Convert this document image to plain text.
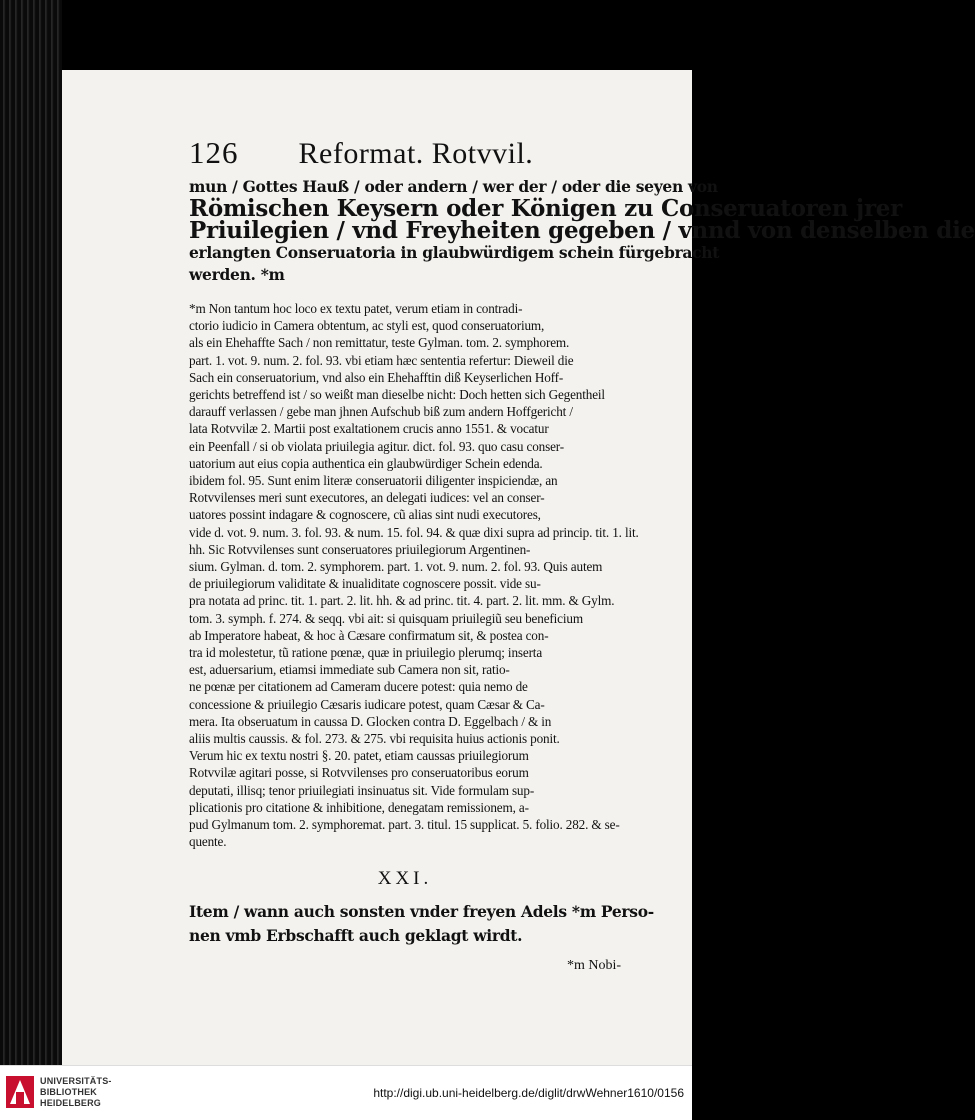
126 Reformat. Rotvvil.
mun / Gottes Hauß / oder andern / wer der / oder die seyen von
Römischen Keysern oder Königen zu Conseruatoren jrer
Priuilegien / vnd Freyheiten gegeben / vnnd von denselben die
erlangten Conseruatoria in glaubwürdigem schein fürgebracht
werden. *m
*m Non tantum hoc loco ex textu patet, verum etiam in contradi-
ctorio iudicio in Camera obtentum, ac styli est, quod conseruatorium,
als ein Ehehaffte Sach / non remittatur, teste Gylman. tom. 2. symphorem.
part. 1. vot. 9. num. 2. fol. 93. vbi etiam hæc sententia refertur: Dieweil die
Sach ein conseruatorium, vnd also ein Ehehafftin diß Keyserlichen Hoff-
gerichts betreffend ist / so weißt man dieselbe nicht: Doch hetten sich Gegentheil
darauff verlassen / gebe man jhnen Aufschub biß zum andern Hoffgericht /
lata Rotvvilæ 2. Martii post exaltationem crucis anno 1551. & vocatur
ein Peenfall / si ob violata priuilegia agitur. dict. fol. 93. quo casu conser-
uatorium aut eius copia authentica ein glaubwürdiger Schein edenda.
ibidem fol. 95. Sunt enim literæ conseruatorii diligenter inspiciendæ, an
Rotvvilenses meri sunt executores, an delegati iudices: vel an conser-
uatores possint indagare & cognoscere, cũ alias sint nudi executores,
vide d. vot. 9. num. 3. fol. 93. & num. 15. fol. 94. & quæ dixi supra ad princip. tit. 1. lit.
hh. Sic Rotvvilenses sunt conseruatores priuilegiorum Argentinen-
sium. Gylman. d. tom. 2. symphorem. part. 1. vot. 9. num. 2. fol. 93. Quis autem
de priuilegiorum validitate & inualiditate cognoscere possit. vide su-
pra notata ad princ. tit. 1. part. 2. lit. hh. & ad princ. tit. 4. part. 2. lit. mm. & Gylm.
tom. 3. symph. f. 274. & seqq. vbi ait: si quisquam priuilegiũ seu beneficium
ab Imperatore habeat, & hoc à Cæsare confirmatum sit, & postea con-
tra id molestetur, tũ ratione pœnæ, quæ in priuilegio plerumq; inserta
est, aduersarium, etiamsi immediate sub Camera non sit, ratio-
ne pœnæ per citationem ad Cameram ducere potest: quia nemo de
concessione & priuilegio Cæsaris iudicare potest, quam Cæsar & Ca-
mera. Ita obseruatum in caussa D. Glocken contra D. Eggelbach / & in
aliis multis caussis. & fol. 273. & 275. vbi requisita huius actionis ponit.
Verum hic ex textu nostri §. 20. patet, etiam caussas priuilegiorum
Rotvvilæ agitari posse, si Rotvvilenses pro conseruatoribus eorum
deputati, illisq; tenor priuilegiati insinuatus sit. Vide formulam sup-
plicationis pro citatione & inhibitione, denegatam remissionem, a-
pud Gylmanum tom. 2. symphoremat. part. 3. titul. 15 supplicat. 5. folio. 282. & se-
quente.
XXI.
Item / wann auch sonsten vnder freyen Adels *m Perso-
nen vmb Erbschafft auch geklagt wirdt.
*m Nobi-
UNIVERSITÄTS-
BIBLIOTHEK
HEIDELBERG
http://digi.ub.uni-heidelberg.de/diglit/drwWehner1610/0156
